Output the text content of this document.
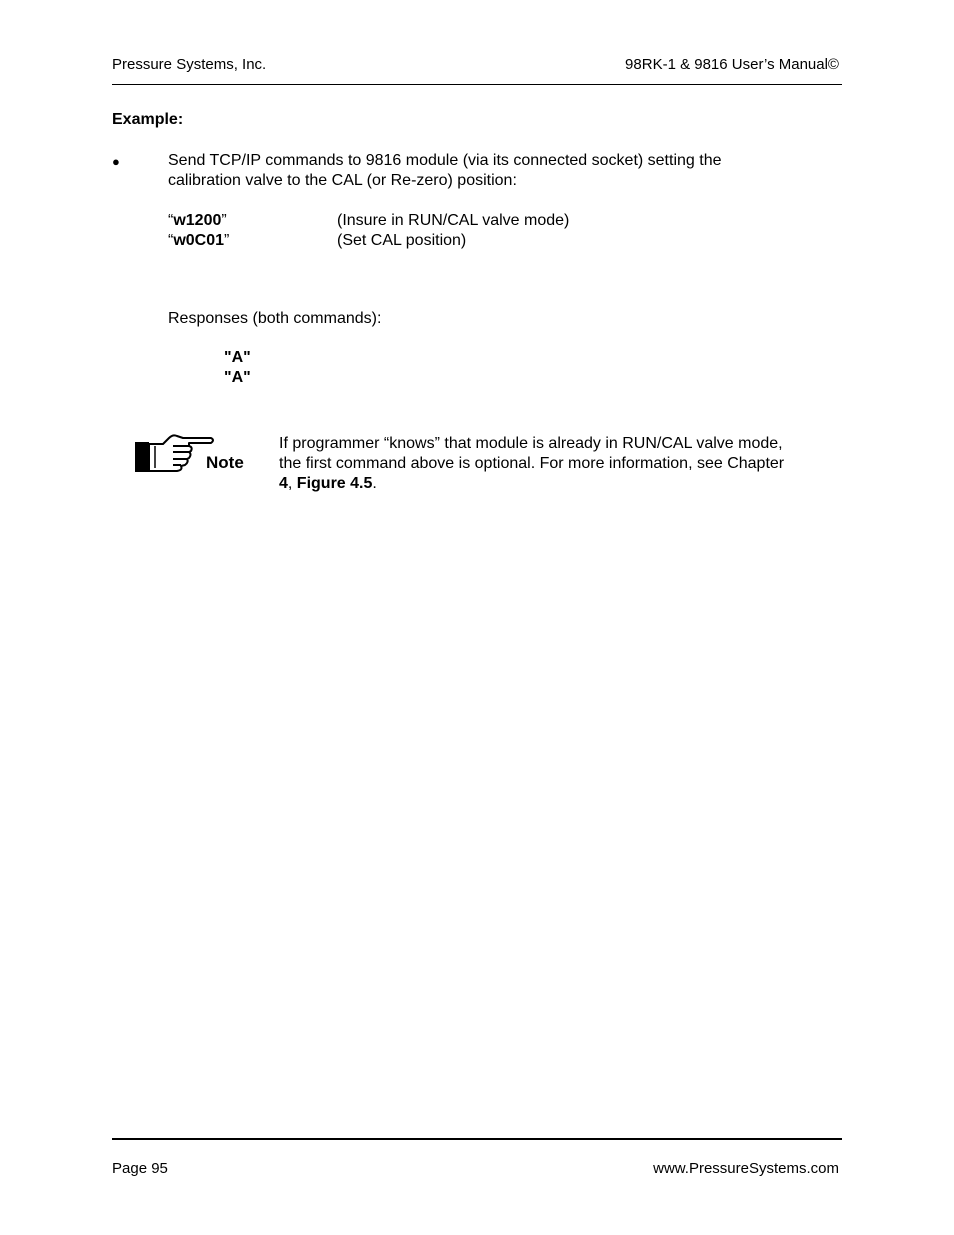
Pressure Systems, Inc.	98RK-1 & 9816 User’s Manual©
Example:
●	Send TCP/IP commands to 9816 module (via its connected socket) setting the
calibration valve to the CAL (or Re-zero) position:
“w1200”	(Insure in RUN/CAL valve mode)
“w0C01”	(Set CAL position)
Responses (both commands):
"A"
"A"
Note
If programmer “knows” that module is already in RUN/CAL valve mode,
the first command above is optional. For more information, see Chapter
4, Figure 4.5.
Page 95	www.PressureSystems.com
